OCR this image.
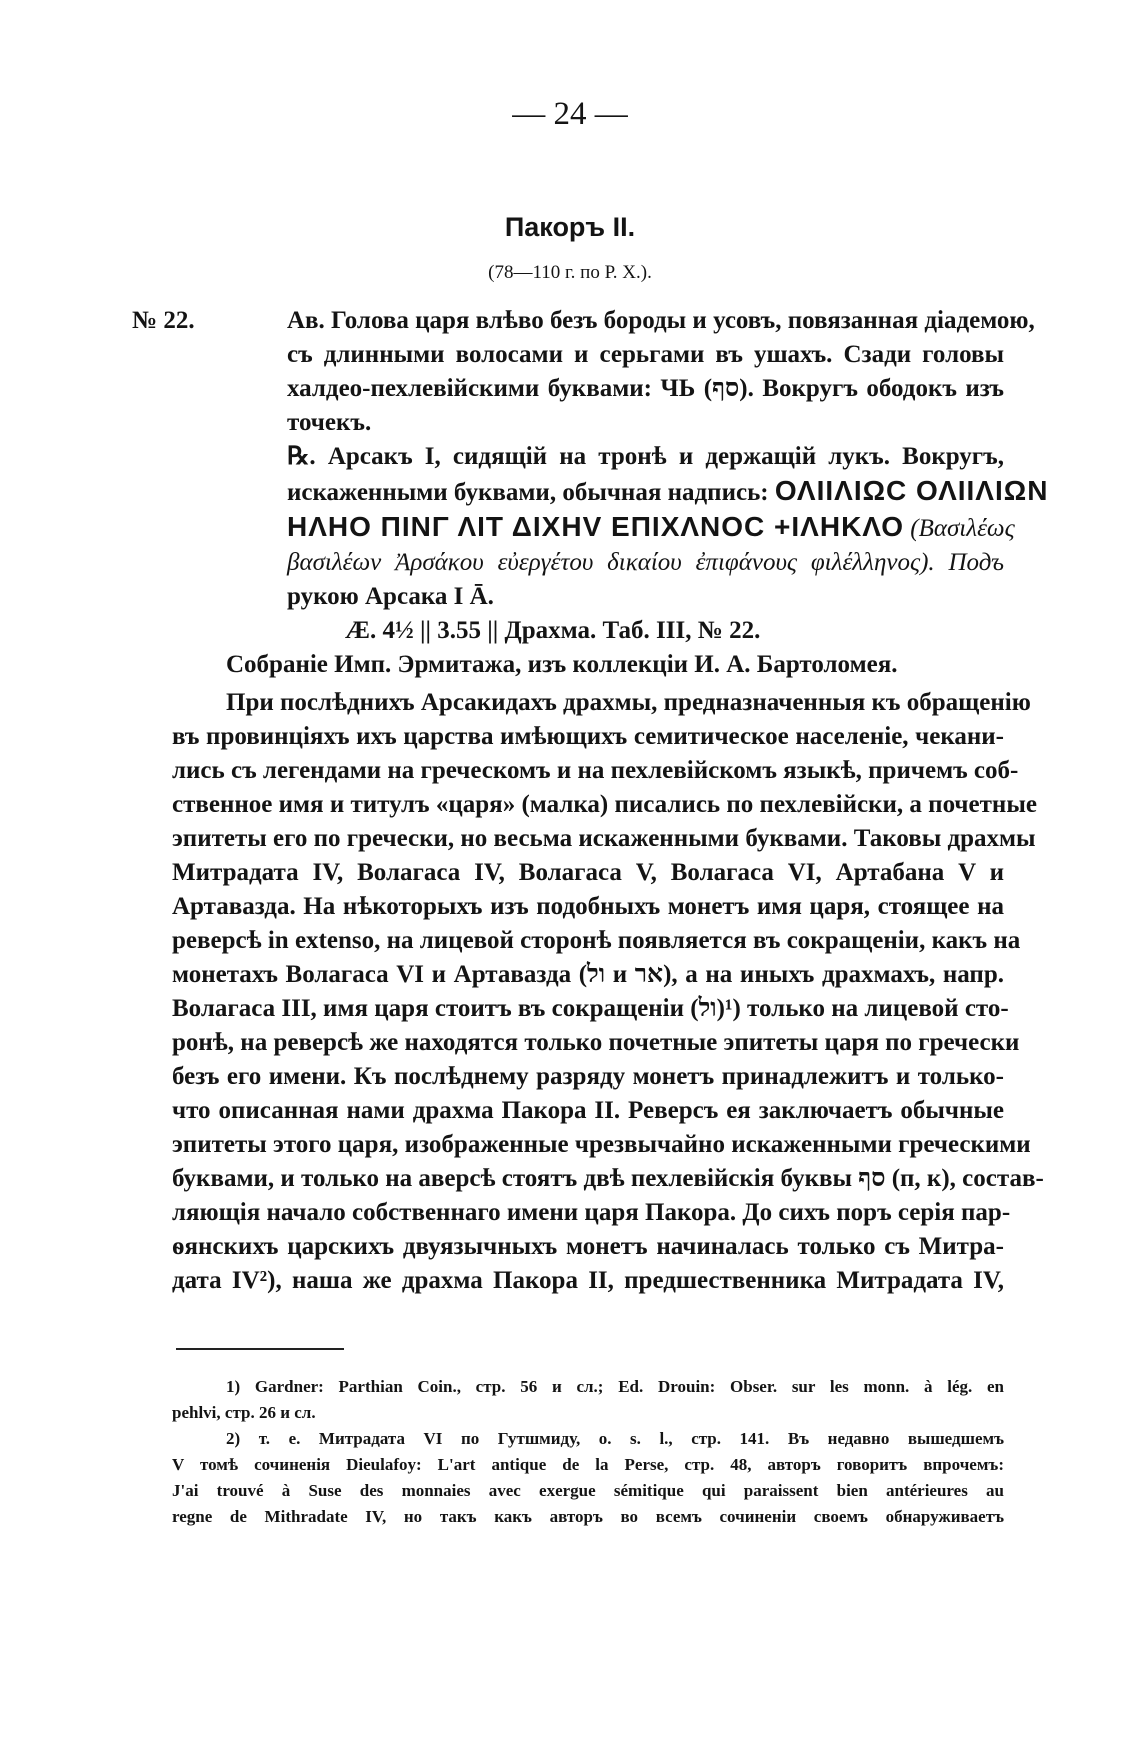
— 24 —
Пакоръ II.
(78—110 г. по Р. Х.).
№ 22.	Ав. Голова царя влѣво безъ бороды и усовъ, повязанная діадемою,
съ длинными волосами и серьгами въ ушахъ. Сзади головы
халдео-пехлевійскими буквами: ЧЬ (סף). Вокругъ ободокъ изъ
точекъ.
℞. Арсакъ I, сидящій на тронѣ и держащій лукъ. Вокругъ,
искаженными буквами, обычная надпись: ΟΛΙΙΛΙΩC ΟΛΙΙΛΙΩΝ
ΗΛΗΟ ΠΙΝΓ ΛΙΤ ΔΙΧΗV ΕΠΙΧΛΝΟC +ΙΛΗΚΛΟ (Βασιλέως
βασιλέων Ἀρσάκου εὐεργέτου δικαίου ἐπιφάνους φιλέλληνος). Подъ
рукою Арсака I Ā.
Æ. 4½ || 3.55 || Драхма. Таб. III, № 22.
Собраніе Имп. Эрмитажа, изъ коллекціи И. А. Бартоломея.
При послѣднихъ Арсакидахъ драхмы, предназначенныя къ обращенію
въ провинціяхъ ихъ царства имѣющихъ семитическое населеніе, чекани-
лись съ легендами на греческомъ и на пехлевійскомъ языкѣ, причемъ соб-
ственное имя и титулъ «царя» (малка) писались по пехлевійски, а почетные
эпитеты его по гречески, но весьма искаженными буквами. Таковы драхмы
Митрадата IV, Волагаса IV, Волагаса V, Волагаса VI, Артабана V и
Артавазда. На нѣкоторыхъ изъ подобныхъ монетъ имя царя, стоящее на
реверсѣ in extenso, на лицевой сторонѣ появляется въ сокращеніи, какъ на
монетахъ Волагаса VI и Артавазда (ול и אר), а на иныхъ драхмахъ, напр.
Волагаса III, имя царя стоитъ въ сокращеніи (ול)¹) только на лицевой сто-
ронѣ, на реверсѣ же находятся только почетные эпитеты царя по гречески
безъ его имени. Къ послѣднему разряду монетъ принадлежитъ и только-
что описанная нами драхма Пакора II. Реверсъ ея заключаетъ обычные
эпитеты этого царя, изображенные чрезвычайно искаженными греческими
буквами, и только на аверсѣ стоятъ двѣ пехлевійскія буквы סף (п, к), состав-
ляющія начало собственнаго имени царя Пакора. До сихъ поръ серія пар-
ѳянскихъ царскихъ двуязычныхъ монетъ начиналась только съ Митра-
дата IV²), наша же драхма Пакора II, предшественника Митрадата IV,
1) Gardner: Parthian Coin., стр. 56 и сл.; Ed. Drouin: Obser. sur les monn. à lég. en
pehlvi, стр. 26 и сл.
2) т. е. Митрадата VI по Гутшмиду, o. s. l., стр. 141. Въ недавно вышедшемъ
V томѣ сочиненія Dieulafoy: L'art antique de la Perse, стр. 48, авторъ говоритъ впрочемъ:
J'ai trouvé à Suse des monnaies avec exergue sémitique qui paraissent bien antérieures au
regne de Mithradate IV, но такъ какъ авторъ во всемъ сочиненіи своемъ обнаруживаетъ
